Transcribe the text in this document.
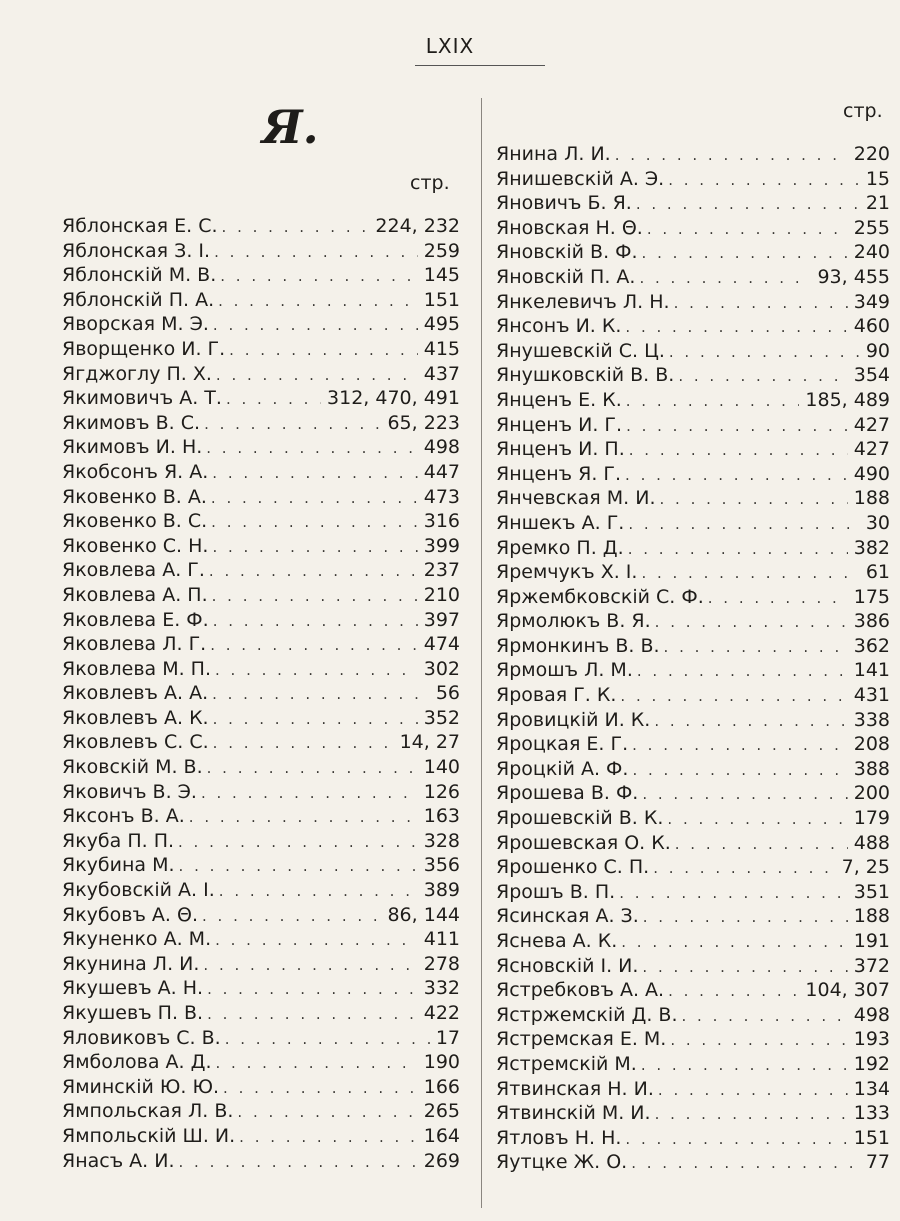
LXIX
Я.
стр.
стр.
Яблонская Е. С. . . .	224, 232
Яблонская З. І. . . .	259
Яблонскій М. В. . . .	145
Яблонскій П. А. . . .	151
Яворская М. Э. . . .	495
Яворщенко И. Г. . . .	415
Ягджоглу П. Х. . . .	437
Якимовичъ А. Т. . . .	312, 470, 491
Якимовъ В. С. . . .	65, 223
Якимовъ И. Н. . . .	498
Якобсонъ Я. А. . . .	447
Яковенко В. А. . . .	473
Яковенко В. С. . . .	316
Яковенко С. Н. . . .	399
Яковлева А. Г. . . .	237
Яковлева А. П. . . .	210
Яковлева Е. Ф. . . .	397
Яковлева Л. Г. . . .	474
Яковлева М. П. . . .	302
Яковлевъ А. А. . . .	56
Яковлевъ А. К. . . .	352
Яковлевъ С. С. . . .	14, 27
Яковскій М. В. . . .	140
Яковичъ В. Э. . . .	126
Яксонъ В. А. . . .	163
Якуба П. П. . . .	328
Якубина М. . . .	356
Якубовскій А. І. . . .	389
Якубовъ А. Θ. . . .	86, 144
Якуненко А. М. . . .	411
Якунина Л. И. . . .	278
Якушевъ А. Н. . . .	332
Якушевъ П. В. . . .	422
Яловиковъ С. В. . . .	17
Ямболова А. Д. . . .	190
Яминскій Ю. Ю. . . .	166
Ямпольская Л. В. . . .	265
Ямпольскій Ш. И. . . .	164
Янасъ А. И. . . .	269
Янина Л. И. . . .	220
Янишевскій А. Э. . . .	15
Яновичъ Б. Я. . . .	21
Яновская Н. Θ. . . .	255
Яновскій В. Ф. . . .	240
Яновскій П. А. . . .	93, 455
Янкелевичъ Л. Н. . . .	349
Янсонъ И. К. . . .	460
Янушевскій С. Ц. . . .	90
Янушковскій В. В. . . .	354
Янценъ Е. К. . . .	185, 489
Янценъ И. Г. . . .	427
Янценъ И. П. . . .	427
Янценъ Я. Г. . . .	490
Янчевская М. И. . . .	188
Яншекъ А. Г. . . .	30
Яремко П. Д. . . .	382
Яремчукъ Х. І. . . .	61
Яржембковскій С. Ф. . . .	175
Ярмолюкъ В. Я. . . .	386
Ярмонкинъ В. В. . . .	362
Ярмошъ Л. М. . . .	141
Яровая Г. К. . . .	431
Яровицкій И. К. . . .	338
Яроцкая Е. Г. . . .	208
Яроцкій А. Ф. . . .	388
Ярошева В. Ф. . . .	200
Ярошевскій В. К. . . .	179
Ярошевская О. К. . . .	488
Ярошенко С. П. . . .	7, 25
Ярошъ В. П. . . .	351
Ясинская А. З. . . .	188
Яснева А. К. . . .	191
Ясновскій І. И. . . .	372
Ястребковъ А. А. . . .	104, 307
Ястржемскій Д. В. . . .	498
Ястремская Е. М. . . .	193
Ястремскій М. . . .	192
Ятвинская Н. И. . . .	134
Ятвинскій М. И. . . .	133
Ятловъ Н. Н. . . .	151
Яутцке Ж. О. . . .	77
